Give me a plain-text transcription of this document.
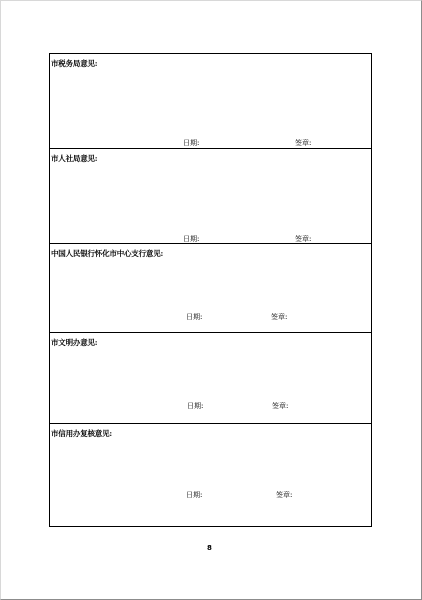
市税务局意见:
日期:	签章:
市人社局意见:
日期:	签章:
中国人民银行怀化市中心支行意见:
日期:	签章:
市文明办意见:
日期:	签章:
市信用办复核意见:
日期:	签章:
8
